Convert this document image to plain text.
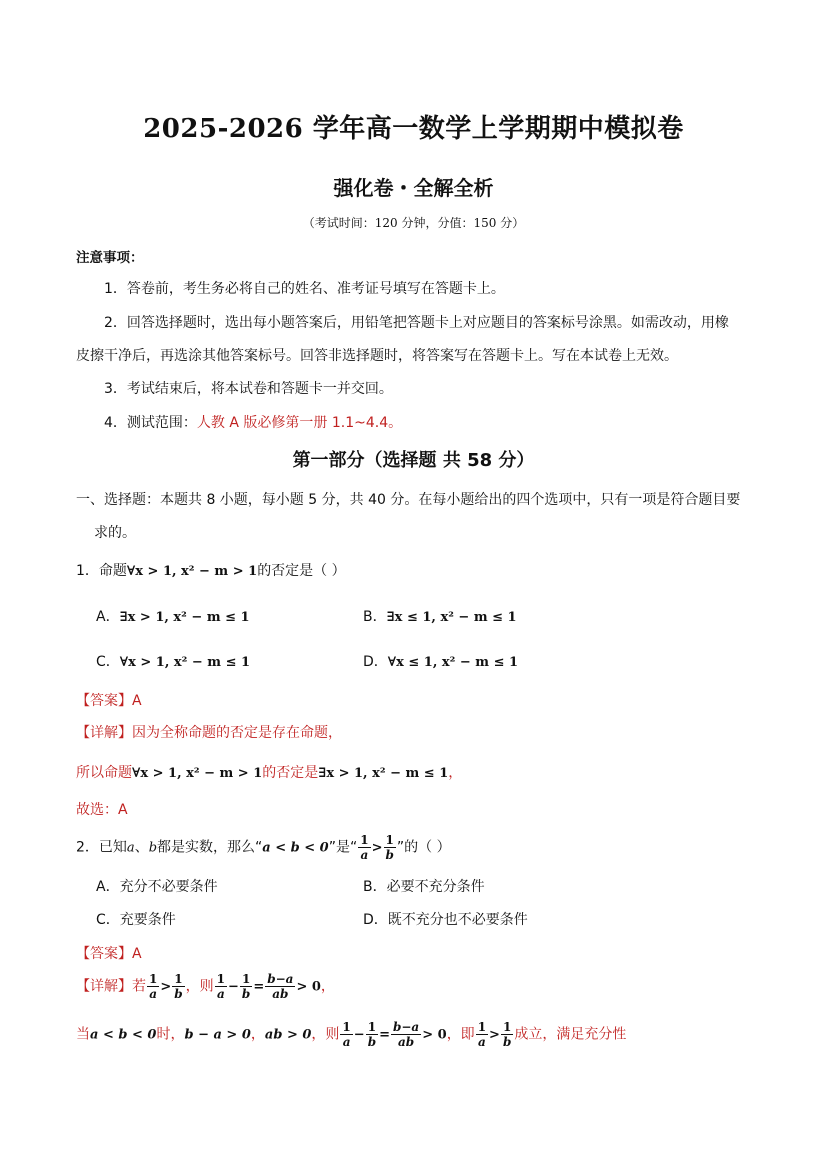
2025-2026 学年高一数学上学期期中模拟卷
强化卷・全解全析
（考试时间：120 分钟，分值：150 分）
注意事项：
1．答卷前，考生务必将自己的姓名、准考证号填写在答题卡上。
2．回答选择题时，选出每小题答案后，用铅笔把答题卡上对应题目的答案标号涂黑。如需改动，用橡
皮擦干净后，再选涂其他答案标号。回答非选择题时，将答案写在答题卡上。写在本试卷上无效。
3．考试结束后，将本试卷和答题卡一并交回。
4．测试范围：人教 A 版必修第一册 1.1~4.4。
第一部分（选择题 共 58 分）
一、选择题：本题共 8 小题，每小题 5 分，共 40 分。在每小题给出的四个选项中，只有一项是符合题目要
求的。
1．命题∀x > 1, x² − m > 1的否定是（ ）
A．∃x > 1, x² − m ≤ 1	B．∃x ≤ 1, x² − m ≤ 1
C．∀x > 1, x² − m ≤ 1	D．∀x ≤ 1, x² − m ≤ 1
【答案】A
【详解】因为全称命题的否定是存在命题，
所以命题∀x > 1, x² − m > 1的否定是∃x > 1, x² − m ≤ 1，
故选：A
2．已知a、b都是实数，那么“a < b < 0”是“ $\frac{1}{a} > \frac{1}{b}$ ”的（ ）
A．充分不必要条件	B．必要不充分条件
C．充要条件	D．既不充分也不必要条件
【答案】A
【详解】若 $\frac{1}{a} > \frac{1}{b}$ ，则 $\frac{1}{a} - \frac{1}{b} = \frac{b-a}{ab} > 0$，
当a < b < 0时，b − a > 0，ab > 0，则 $\frac{1}{a} - \frac{1}{b} = \frac{b-a}{ab} > 0$，即 $\frac{1}{a} > \frac{1}{b}$ 成立，满足充分性
